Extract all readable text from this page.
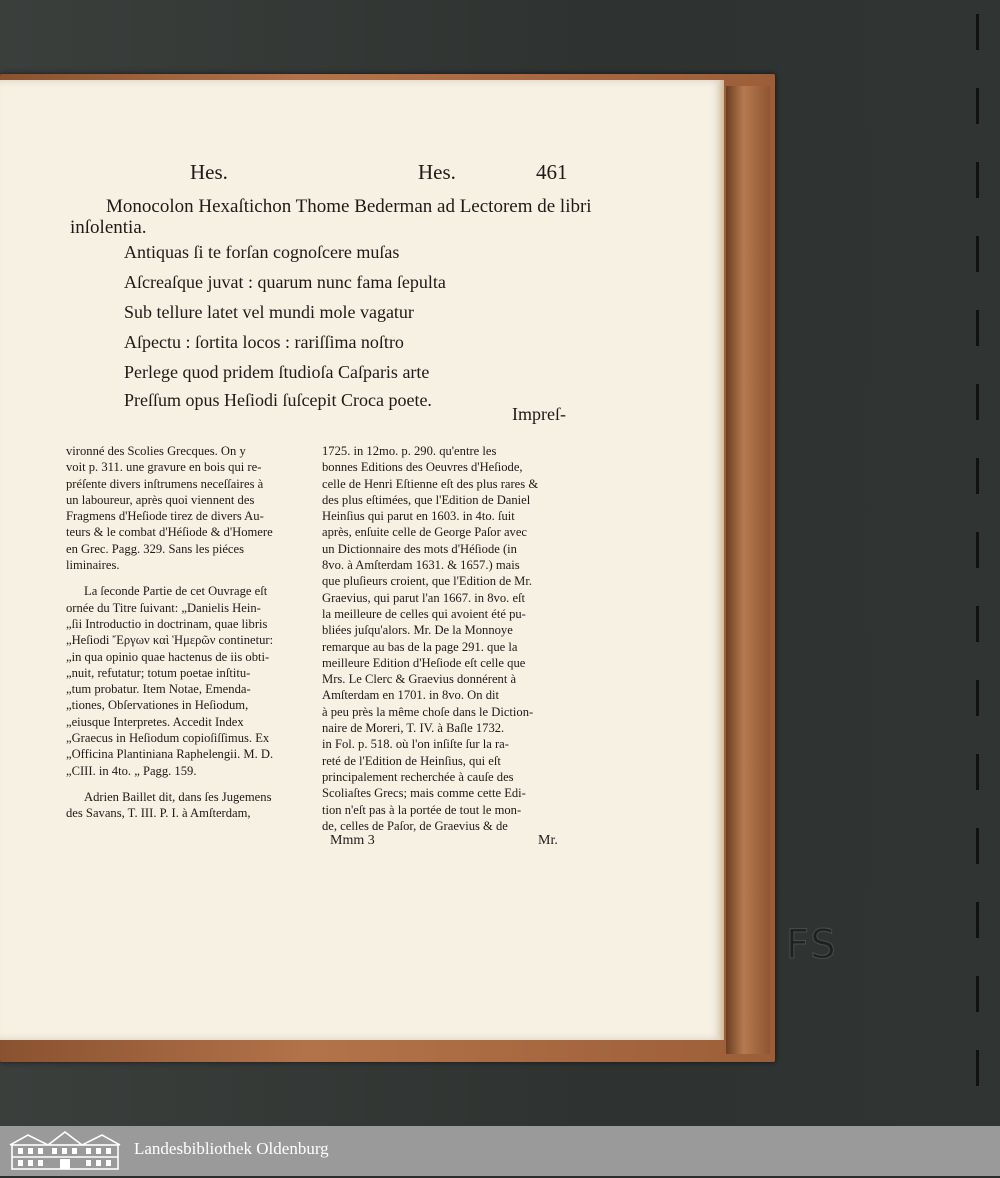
FS
Hes.	Hes.	461
Monocolon Hexaſtichon Thome Bederman ad Lectorem de libri
inſolentia.
Antiquas ſi te forſan cognoſcere muſas
Aſcreaſque juvat : quarum nunc fama ſepulta
Sub tellure latet vel mundi mole vagatur
Aſpectu : ſortita locos : rariſſima noſtro
Perlege quod pridem ſtudioſa Caſparis arte
Preſſum opus Heſiodi ſuſcepit Croca poete.
Impreſ-

vironné des Scolies Grecques. On y
voit p. 311. une gravure en bois qui re-
préſente divers inſtrumens neceſſaires à
un laboureur, après quoi viennent des
Fragmens d'Heſiode tirez de divers Au-
teurs & le combat d'Héſiode & d'Homere
en Grec. Pagg. 329. Sans les piéces
liminaires.

La ſeconde Partie de cet Ouvrage eſt
ornée du Titre ſuivant: „Danielis Hein-
„ſii Introductio in doctrinam, quae libris
„Heſiodi Ἔργων καὶ Ἡμερῶν continetur:
„in qua opinio quae hactenus de iis obti-
„nuit, refutatur; totum poetae inſtitu-
„tum probatur. Item Notae, Emenda-
„tiones, Obſervationes in Heſiodum,
„eiusque Interpretes. Accedit Index
„Graecus in Heſiodum copioſiſſimus. Ex
„Officina Plantiniana Raphelengii. M. D.
„CIII. in 4to. „ Pagg. 159.

Adrien Baillet dit, dans ſes Jugemens
des Savans, T. III. P. I. à Amſterdam,

1725. in 12mo. p. 290. qu'entre les
bonnes Editions des Oeuvres d'Heſiode,
celle de Henri Eſtienne eſt des plus rares &
des plus eſtimées, que l'Edition de Daniel
Heinſius qui parut en 1603. in 4to. ſuit
après, enſuite celle de George Paſor avec
un Dictionnaire des mots d'Héſiode (in
8vo. à Amſterdam 1631. & 1657.) mais
que pluſieurs croient, que l'Edition de Mr.
Graevius, qui parut l'an 1667. in 8vo. eſt
la meilleure de celles qui avoient été pu-
bliées juſqu'alors. Mr. De la Monnoye
remarque au bas de la page 291. que la
meilleure Edition d'Heſiode eſt celle que
Mrs. Le Clerc & Graevius donnérent à
Amſterdam en 1701. in 8vo. On dit
à peu près la même choſe dans le Diction-
naire de Moreri, T. IV. à Baſle 1732.
in Fol. p. 518. où l'on inſiſte ſur la ra-
reté de l'Edition de Heinſius, qui eſt
principalement recherchée à cauſe des
Scoliaſtes Grecs; mais comme cette Edi-
tion n'eſt pas à la portée de tout le mon-
de, celles de Paſor, de Graevius & de

Mmm 3	Mr.
Landesbibliothek Oldenburg
